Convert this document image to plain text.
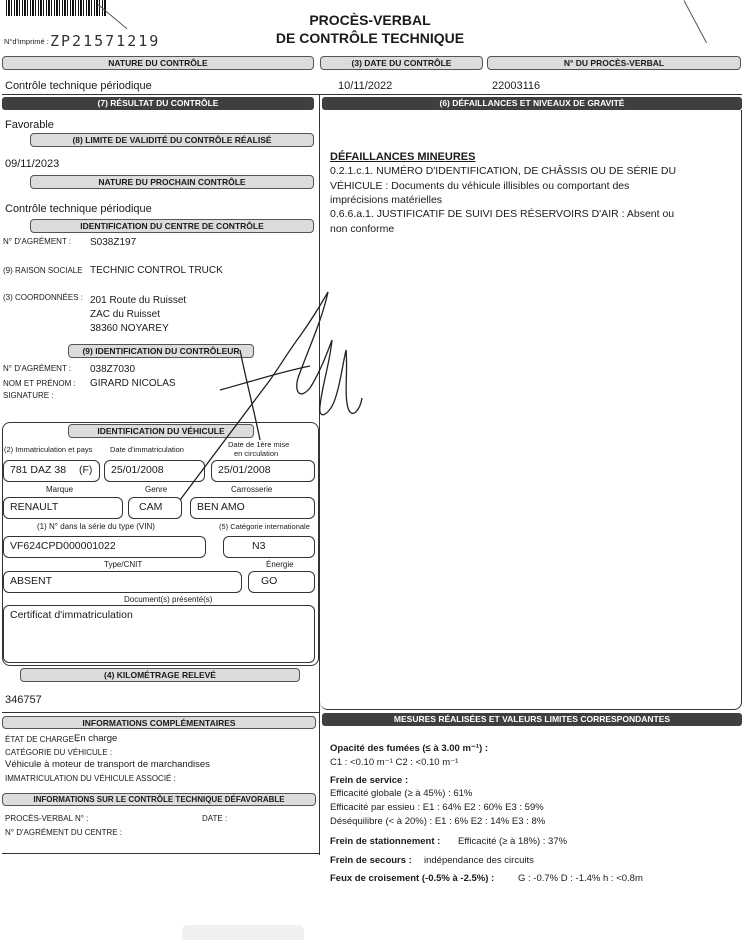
N°d'imprimé : ZP21571219
PROCÈS-VERBAL
DE CONTRÔLE TECHNIQUE
NATURE DU CONTRÔLE
Contrôle technique périodique
(3) DATE DU CONTRÔLE
10/11/2022
N° DU PROCÈS-VERBAL
22003116
(7) RÉSULTAT DU CONTRÔLE
Favorable
(8) LIMITE DE VALIDITÉ DU CONTRÔLE RÉALISÉ
09/11/2023
NATURE DU PROCHAIN CONTRÔLE
Contrôle technique périodique
IDENTIFICATION DU CENTRE DE CONTRÔLE
N° D'AGRÉMENT : S038Z197
(9) RAISON SOCIALE TECHNIC CONTROL TRUCK
(3) COORDONNÉES : 201 Route du Ruisset
ZAC du Ruisset
38360 NOYAREY
(9) IDENTIFICATION DU CONTRÔLEUR
N° D'AGRÉMENT : 038Z7030
NOM ET PRÉNOM : GIRARD NICOLAS
SIGNATURE :
IDENTIFICATION DU VÉHICULE
(2) Immatriculation et pays Date d'immatriculation
Date de 1ère mise
en circulation
781 DAZ 38 (F)	25/01/2008	25/01/2008
Marque	Genre	Carrosserie
RENAULT	CAM	BEN AMO
(1) N° dans la série du type (VIN)	(5) Catégorie internationale
VF624CPD000001022	N3
Type/CNIT	Énergie
ABSENT	GO
Document(s) présenté(s)
Certificat d'immatriculation
(4) KILOMÉTRAGE RELEVÉ
346757
INFORMATIONS COMPLÉMENTAIRES
ÉTAT DE CHARGE :
En charge
CATÉGORIE DU VÉHICULE :
Véhicule à moteur de transport de marchandises
IMMATRICULATION DU VÉHICULE ASSOCIÉ :
INFORMATIONS SUR LE CONTRÔLE TECHNIQUE DÉFAVORABLE
PROCÈS-VERBAL N° :	DATE :
N° D'AGRÉMENT DU CENTRE :
(6) DÉFAILLANCES ET NIVEAUX DE GRAVITÉ
DÉFAILLANCES MINEURES
0.2.1.c.1. NUMÉRO D'IDENTIFICATION, DE CHÂSSIS OU DE SÉRIE DU
VÉHICULE : Documents du véhicule illisibles ou comportant des
imprécisions matérielles
0.6.6.a.1. JUSTIFICATIF DE SUIVI DES RÉSERVOIRS D'AIR : Absent ou
non conforme
MESURES RÉALISÉES ET VALEURS LIMITES CORRESPONDANTES
Opacité des fumées (≤ à 3.00 m⁻¹) :
C1 : <0.10 m⁻¹ C2 : <0.10 m⁻¹
Frein de service :
Efficacité globale (≥ à 45%) : 61%
Efficacité par essieu : E1 : 64% E2 : 60% E3 : 59%
Déséquilibre (< à 20%) : E1 : 6% E2 : 14% E3 : 8%
Frein de stationnement : Efficacité (≥ à 18%) : 37%
Frein de secours : indépendance des circuits
Feux de croisement (-0.5% à -2.5%) :	G : -0.7% D : -1.4% h : <0.8m
